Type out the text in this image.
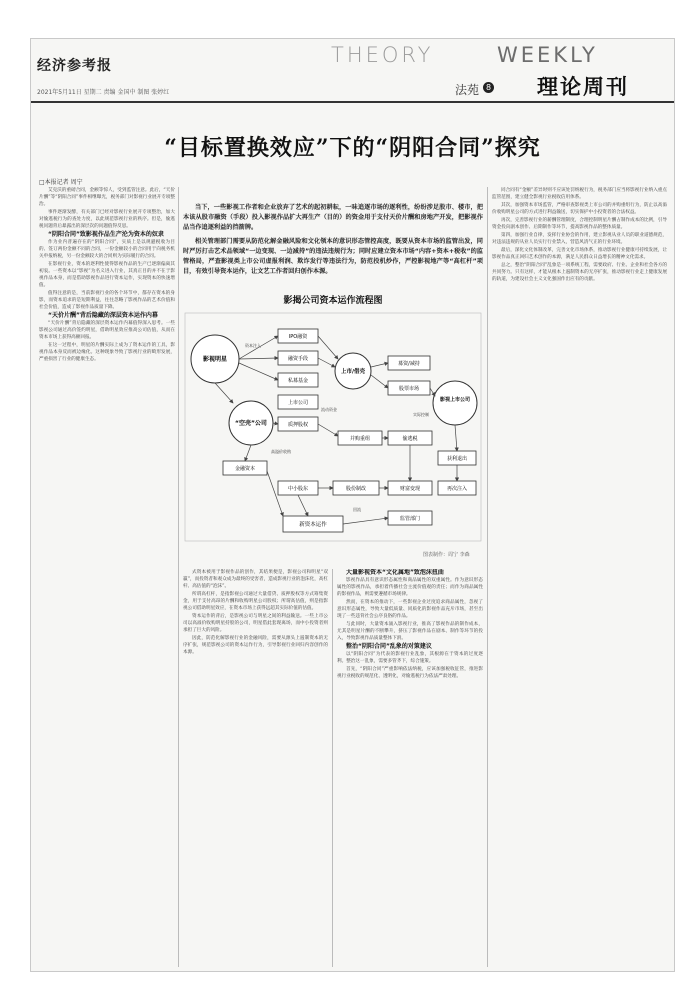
经济参考报
2021年5月11日 星期二 责编 金国中 制图 张婷红
THEORY	WEEKLY
法苑 8 理论周刊
“目标置换效应”下的“阴阳合同”探究
□本报记者 周宁

艾克沃的重磅合同，金额等惊人，受到监管注意。此后，“天价片酬”等“阴阳合同”事件相继曝光，税务部门对影视行业展开专项整治。

事件逐渐发酵，有关部门已经对影视行业展开专项整治，加大对偷逃税行为的查处力度，以此规范影视行业的秩序。但是，偷逃税问题背后暴露出的深层次的问题值得反思。

“阴阳合同”致影视作品生产沦为资本的奴隶

作为业内普遍存在的“阴阳合同”，实质上是以规避税收为目的、签订两份金额不同的合同，一份金额较小的合同用于向税务机关申报纳税，另一份金额较大的合同则为实际履行的合同。

在影视行业，资本的逐利性使得影视作品的生产已逐渐偏离其初衷。一些资本以“影视”为名义进入行业，其真正目的并不在于影视作品本身，而是借助影视作品进行资本运作，实现资本的快速增值。

值得注意的是，当前影视行业的各个环节中，都存在资本的身影，而资本追求的是短期利益，往往忽略了影视作品的艺术价值和社会价值，造成了影视作品质量下降。

“天价片酬”背后隐藏的深层资本运作内幕

“天价片酬”背后隐藏的深层资本运作内幕值得深入思考。一些影视公司通过高价签约明星，借助明星效应推高公司估值，从而在资本市场上获得高额回报。

在这一过程中，明星的片酬实际上成为了资本运作的工具，影视作品本身反而被边缘化。这种现象导致了影视行业的畸形发展，严重损害了行业的健康生态。

当下，一些影视工作者和企业放弃了艺术的起初耕耘，一味追逐市场的逐利性，纷纷涉足股市、楼市，把本该从股市融资（手段）投入影视作品扩大再生产（目的）的资金用于支付天价片酬和房地产开发，把影视作品当作追逐利益的挡箭牌。

相关管理部门需要从防范化解金融风险和文化领本的意识形态管控高度，既要从资本市场的监管出发，同时严厉打击艺术品领域“一边变现、一边减持”的违法违规行为；同时应建立资本市场“内容+资本+税收”的监管格局，严查影视类上市公司虚报利润、欺诈发行等违法行为，防范投机炒作，严控影视地产等“高杠杆”项目，有效引导资本运作，让文艺工作者回归创作本源。

影揭公司资本运作流程图
影视明星
“空壳”公司
IPO融资
融资手段
私募基金
上市公司
质押股权
上市/借壳
募资/减持
股票市场
影视上市公司
并购重组	偷逃税
金融资本
中小股东	股份制改	财富变现
新资本运作
监管部门
获利退出
再次注入
资本注入
流动资金
实际控制
高溢价收购
回流
图表制作：周宁 李森

式资本被用于影视作品的创作，其结果便是，影视公司和明星“双赢”，而投资者和观众成为最终的受害者，造成影视行业的泡沫化，高杠杆、高估值的“泡沫”。

所谓高杠杆，是指影视公司通过大量借贷、质押股权等方式筹集资金，用于支付高昂的片酬和收购明星公司股权；所谓高估值，则是指影视公司借助明星效应，在资本市场上获得远超其实际价值的估值。

资本运作的背后，是影视公司与明星之间的利益输送。一些上市公司以高溢价收购明星持股的公司，明星借此套现离场，而中小投资者则承担了巨大的风险。

因此，防范化解影视行业的金融风险，需要从源头上遏制资本的无序扩张，规范影视公司的资本运作行为，引导影视行业回归内容创作的本源。

大量影视资本“文化属地”致泡沫扭曲

影视作品具有意识形态属性和商品属性的双重属性。作为意识形态属性的影视作品，承担着传播社会主流价值观的责任；而作为商品属性的影视作品，则需要遵循市场规律。

然而，在资本的推动下，一些影视企业过度追求商品属性，忽视了意识形态属性，导致大量低质量、同质化的影视作品充斥市场，甚至出现了一些违背社会公序良俗的作品。

与此同时，大量资本涌入影视行业，推高了影视作品的制作成本，尤其是明星片酬的不断攀升，挤压了影视作品在剧本、制作等环节的投入，导致影视作品质量整体下滑。

整治“阴阳合同”乱象的对策建议

以“阴阳合同”为代表的影视行业乱象，其根源在于资本的过度逐利。整治这一乱象，需要多管齐下，综合施策。

首先，“阴阳合同”严重影响依法纳税，应该加强税收征管，推进影视行业税收的规范化、透明化，对偷逃税行为依法严肃处理。

同合同有“金额”差异时则不应该处罚纳税行为，税务部门应当将影视行业纳入重点监管范围，建立健全影视行业税收信用体系。

其次，加强资本市场监管，严格审查影视类上市公司的并购重组行为，防止以高溢价收购明星公司的方式进行利益输送，切实保护中小投资者的合法权益。

再次，完善影视行业的薪酬管理制度，合理控制明星片酬占制作成本的比例，引导资金投向剧本创作、后期制作等环节，提高影视作品的整体质量。

第四，加强行业自律，发挥行业协会的作用，建立影视从业人员的职业道德规范，对违法违规的从业人员实行行业禁入，营造风清气正的行业环境。

最后，深化文化体制改革，完善文化市场体系，推动影视行业健康可持续发展，让影视作品真正回归艺术创作的本源，满足人民群众日益增长的精神文化需求。

总之，整治“阴阳合同”乱象是一项系统工程，需要政府、行业、企业和社会各方的共同努力。只有这样，才能从根本上遏制资本的无序扩张，推动影视行业走上健康发展的轨道，为建设社会主义文化强国作出应有的贡献。
